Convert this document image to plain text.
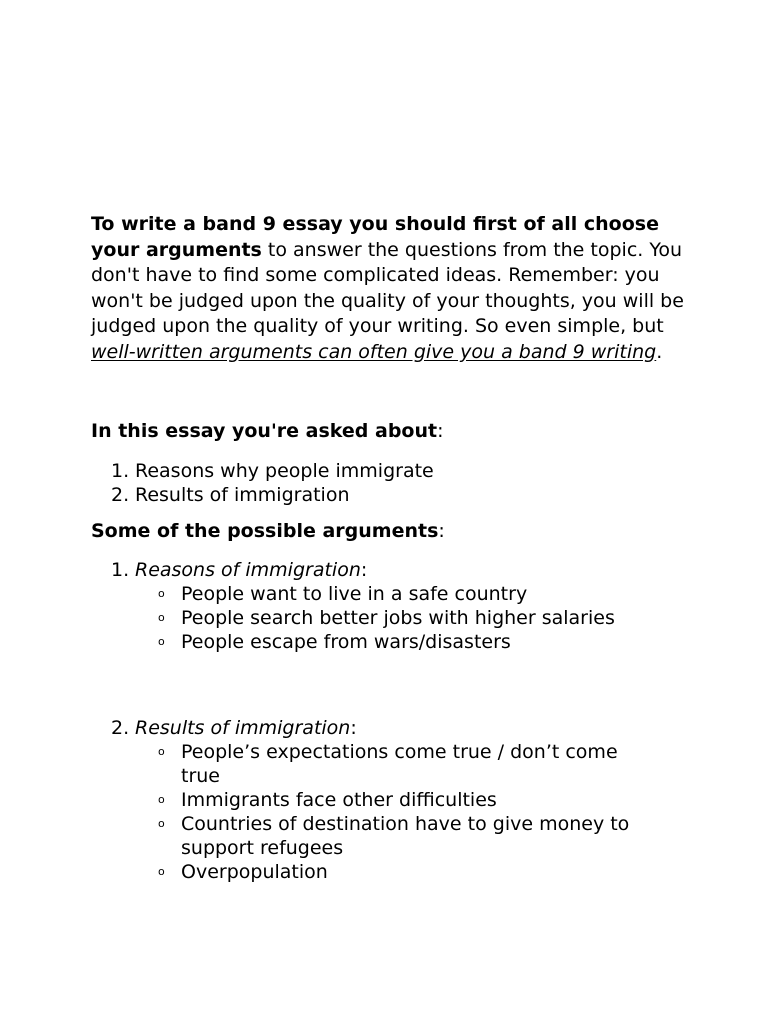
To write a band 9 essay you should first of all choose your arguments to answer the questions from the topic. You don't have to find some complicated ideas. Remember: you won't be judged upon the quality of your thoughts, you will be judged upon the quality of your writing. So even simple, but well-written arguments can often give you a band 9 writing.

In this essay you're asked about:

1. Reasons why people immigrate
2. Results of immigration

Some of the possible arguments:

1. Reasons of immigration:
o People want to live in a safe country
o People search better jobs with higher salaries
o People escape from wars/disasters
2. Results of immigration:
o People’s expectations come true / don’t come true
o Immigrants face other difficulties
o Countries of destination have to give money to support refugees
o Overpopulation
